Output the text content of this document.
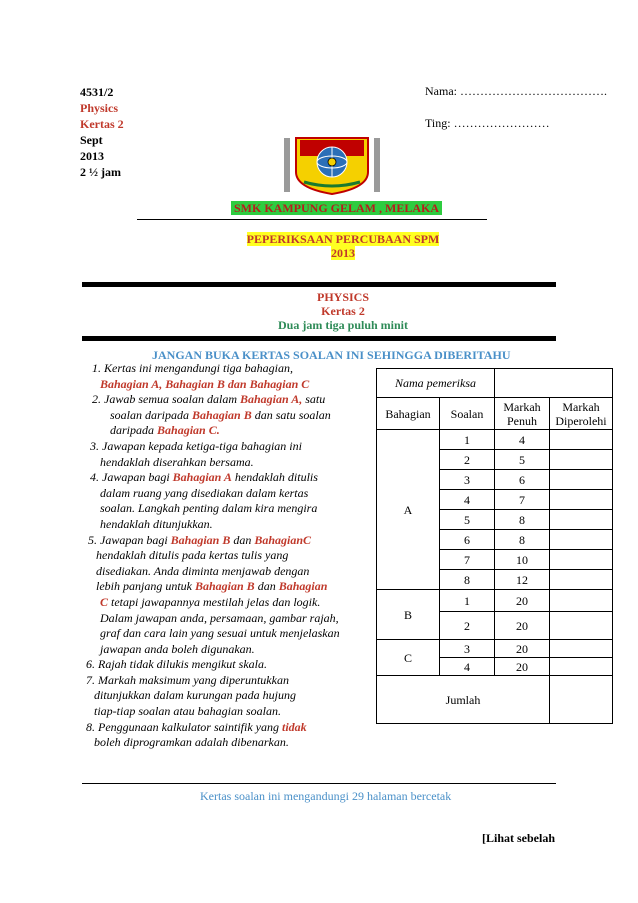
4531/2
Physics
Kertas 2
Sept
2013
2 ½ jam
Nama: ……………………………….
Ting: ……………………
SMK KAMPUNG GELAM , MELAKA
PEPERIKSAAN PERCUBAAN SPM
2013
PHYSICS
Kertas 2
Dua jam tiga puluh minit
JANGAN BUKA KERTAS SOALAN INI SEHINGGA DIBERITAHU
1. Kertas ini mengandungi tiga bahagian,
Bahagian A, Bahagian B dan Bahagian C
2. Jawab semua soalan dalam Bahagian A, satu
soalan daripada Bahagian B dan satu soalan
daripada Bahagian C.
3. Jawapan kepada ketiga-tiga bahagian ini
hendaklah diserahkan bersama.
4. Jawapan bagi Bahagian A hendaklah ditulis
dalam ruang yang disediakan dalam kertas
soalan. Langkah penting dalam kira mengira
hendaklah ditunjukkan.
5. Jawapan bagi Bahagian B dan BahagianC
hendaklah ditulis pada kertas tulis yang
disediakan. Anda diminta menjawab dengan
lebih panjang untuk Bahagian B dan Bahagian
C tetapi jawapannya mestilah jelas dan logik.
Dalam jawapan anda, persamaan, gambar rajah,
graf dan cara lain yang sesuai untuk menjelaskan
jawapan anda boleh digunakan.
6. Rajah tidak dilukis mengikut skala.
7. Markah maksimum yang diperuntukkan
ditunjukkan dalam kurungan pada hujung
tiap-tiap soalan atau bahagian soalan.
8. Penggunaan kalkulator saintifik yang tidak
boleh diprogramkan adalah dibenarkan.
Nama pemeriksa			
Bahagian	Soalan	Markah Penuh	Markah Diperolehi
A	1	4	
	2	5	
	3	6	
	4	7	
	5	8	
	6	8	
	7	10	
	8	12	
B	1	20	
	2	20	
C	3	20	
	4	20	
Jumlah			
Kertas soalan ini mengandungi 29 halaman bercetak
[Lihat sebelah
